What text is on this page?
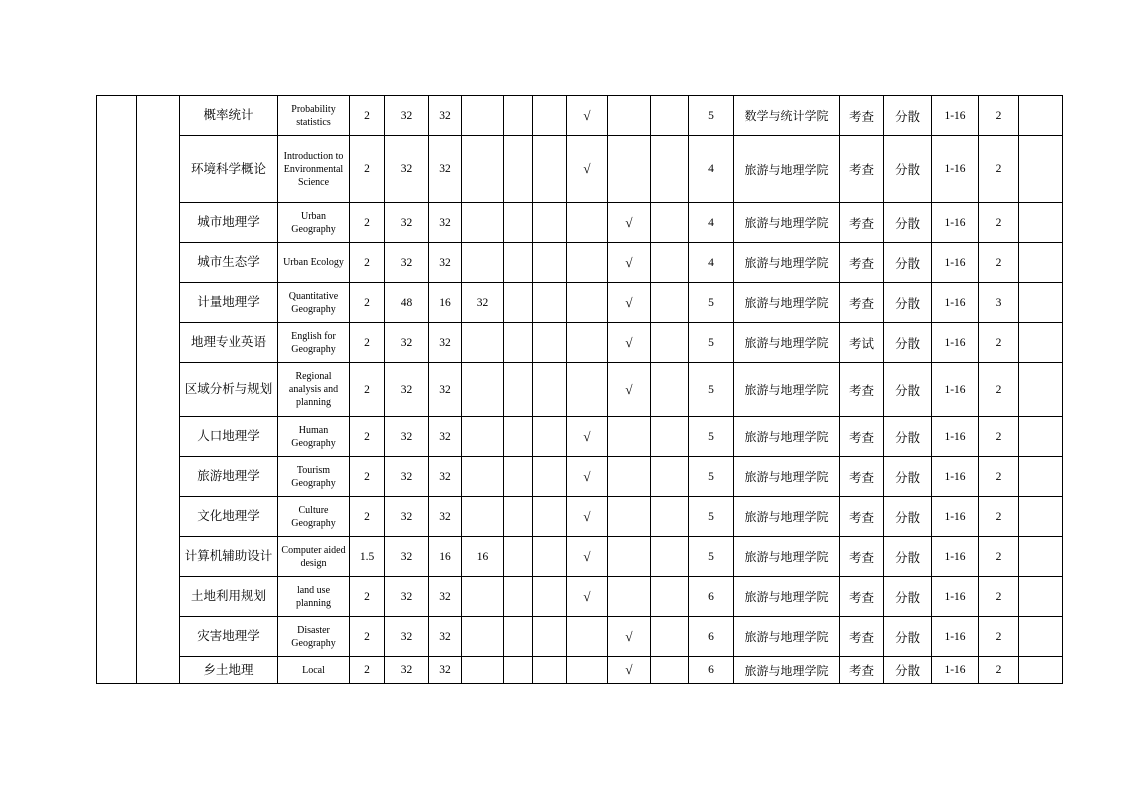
		概率统计	Probability statistics	2	32	32				√			5	数学与统计学院	考查	分散	1-16	2	
		环境科学概论	Introduction to Environmental Science	2	32	32				√			4	旅游与地理学院	考查	分散	1-16	2	
		城市地理学	Urban Geography	2	32	32					√		4	旅游与地理学院	考查	分散	1-16	2	
		城市生态学	Urban Ecology	2	32	32					√		4	旅游与地理学院	考查	分散	1-16	2	
		计量地理学	Quantitative Geography	2	48	16	32				√		5	旅游与地理学院	考查	分散	1-16	3	
		地理专业英语	English for Geography	2	32	32					√		5	旅游与地理学院	考试	分散	1-16	2	
		区域分析与规划	Regional analysis and planning	2	32	32					√		5	旅游与地理学院	考查	分散	1-16	2	
		人口地理学	Human Geography	2	32	32				√			5	旅游与地理学院	考查	分散	1-16	2	
		旅游地理学	Tourism Geography	2	32	32				√			5	旅游与地理学院	考查	分散	1-16	2	
		文化地理学	Culture Geography	2	32	32				√			5	旅游与地理学院	考查	分散	1-16	2	
		计算机辅助设计	Computer aided design	1.5	32	16	16			√			5	旅游与地理学院	考查	分散	1-16	2	
		土地利用规划	land use planning	2	32	32				√			6	旅游与地理学院	考查	分散	1-16	2	
		灾害地理学	Disaster Geography	2	32	32					√		6	旅游与地理学院	考查	分散	1-16	2	
		乡土地理	Local	2	32	32					√		6	旅游与地理学院	考查	分散	1-16	2	
